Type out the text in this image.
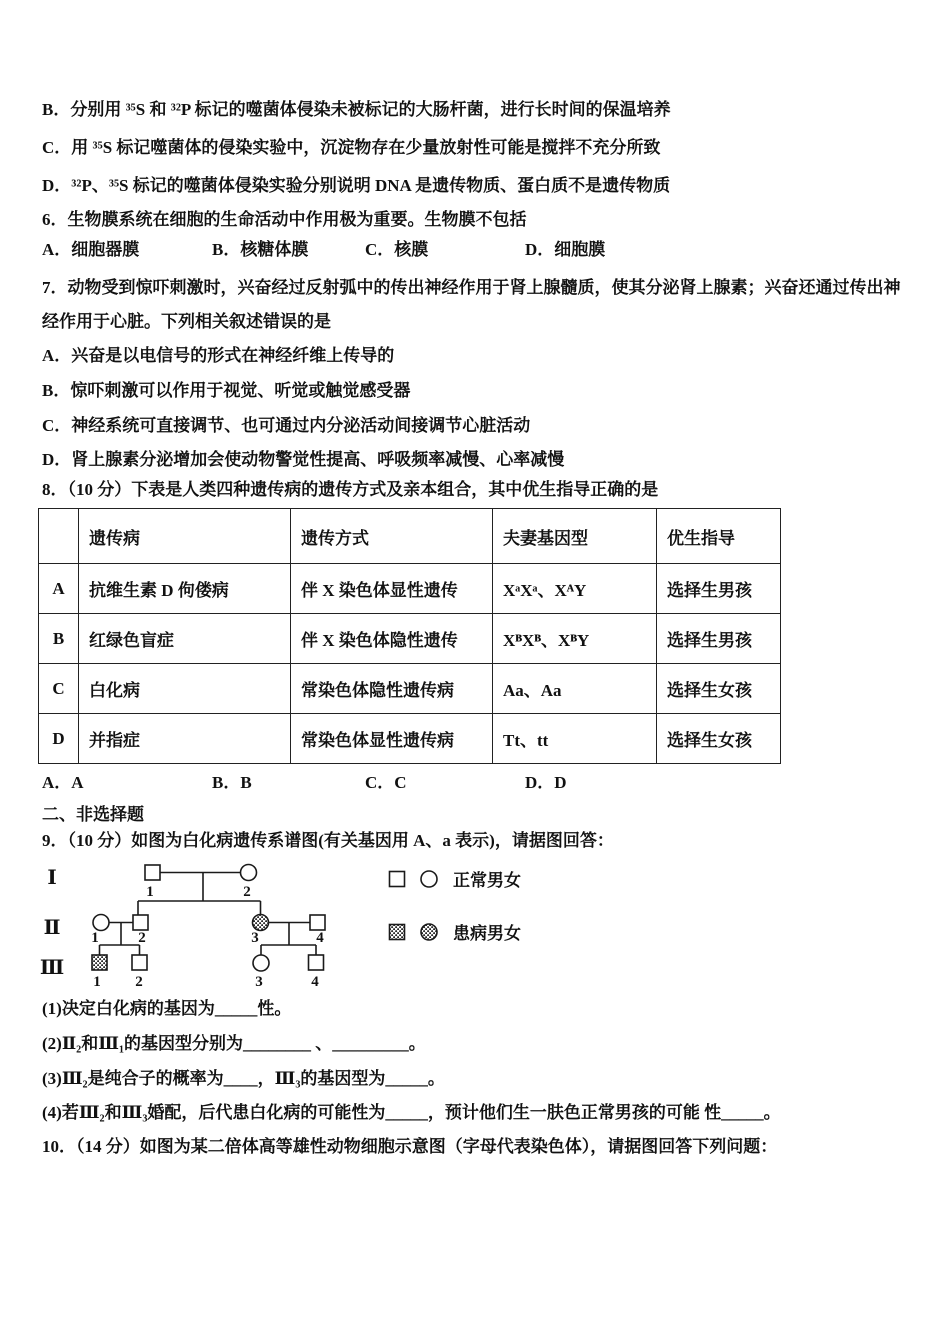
B．分别用 ³⁵S 和 ³²P 标记的噬菌体侵染未被标记的大肠杆菌，进行长时间的保温培养

C．用 ³⁵S 标记噬菌体的侵染实验中，沉淀物存在少量放射性可能是搅拌不充分所致

D．³²P、³⁵S 标记的噬菌体侵染实验分别说明 DNA 是遗传物质、蛋白质不是遗传物质

6．生物膜系统在细胞的生命活动中作用极为重要。生物膜不包括

A．细胞器膜	B．核糖体膜	C．核膜	D．细胞膜

7．动物受到惊吓刺激时，兴奋经过反射弧中的传出神经作用于肾上腺髓质，使其分泌肾上腺素；兴奋还通过传出神

经作用于心脏。下列相关叙述错误的是

A．兴奋是以电信号的形式在神经纤维上传导的

B．惊吓刺激可以作用于视觉、听觉或触觉感受器

C．神经系统可直接调节、也可通过内分泌活动间接调节心脏活动

D．肾上腺素分泌增加会使动物警觉性提高、呼吸频率减慢、心率减慢

8．（10 分）下表是人类四种遗传病的遗传方式及亲本组合，其中优生指导正确的是

	遗传病	遗传方式	夫妻基因型	优生指导
A	抗维生素 D 佝偻病	伴 X 染色体显性遗传	XᵃXᵃ、XᴬY	选择生男孩
B	红绿色盲症	伴 X 染色体隐性遗传	XᴮXᴮ、XᴮY	选择生男孩
C	白化病	常染色体隐性遗传病	Aa、Aa	选择生女孩
D	并指症	常染色体显性遗传病	Tt、tt	选择生女孩
A．A	B．B	C．C	D．D

二、非选择题

9．（10 分）如图为白化病遗传系谱图(有关基因用 A、a 表示)，请据图回答：

Ⅰ
Ⅱ
Ⅲ
1	2
1	2	3	4
1 2	3	4
正常男女
患病男女

(1)决定白化病的基因为_____性。

(2)Ⅱ₂和Ⅲ₁的基因型分别为________ 、_________。

(3)Ⅲ₂是纯合子的概率为____，Ⅲ₃的基因型为_____。

(4)若Ⅲ₂和Ⅲ₃婚配，后代患白化病的可能性为_____，预计他们生一肤色正常男孩的可能 性_____。

10．（14 分）如图为某二倍体高等雄性动物细胞示意图（字母代表染色体），请据图回答下列问题：
